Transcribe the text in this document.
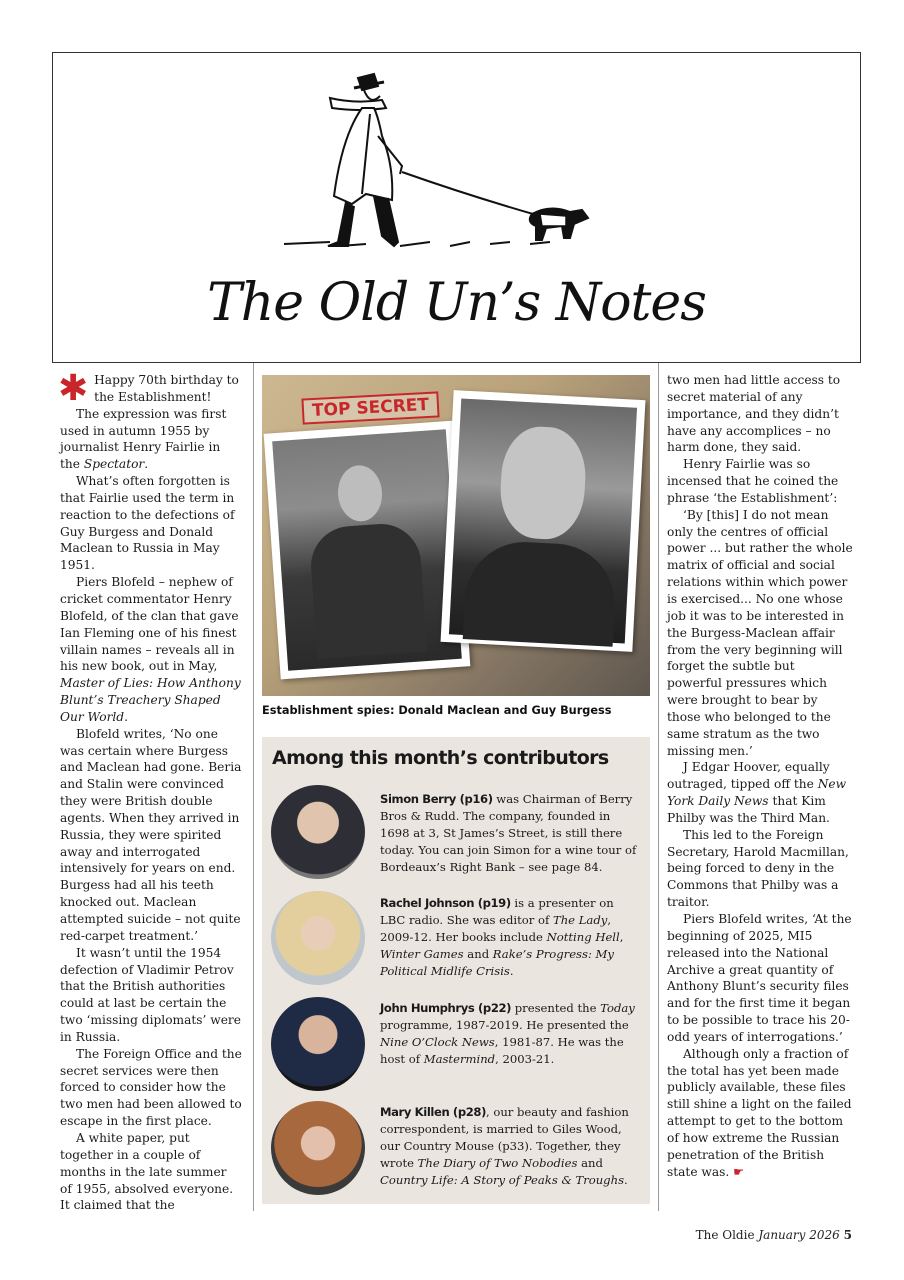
The Old Un’s Notes

✱ Happy 70th birthday to the Establishment!

The expression was first used in autumn 1955 by journalist Henry Fairlie in the Spectator.

What’s often forgotten is that Fairlie used the term in reaction to the defections of Guy Burgess and Donald Maclean to Russia in May 1951.

Piers Blofeld – nephew of cricket commentator Henry Blofeld, of the clan that gave Ian Fleming one of his finest villain names – reveals all in his new book, out in May, Master of Lies: How Anthony Blunt’s Treachery Shaped Our World.

Blofeld writes, ‘No one was certain where Burgess and Maclean had gone. Beria and Stalin were convinced they were British double agents. When they arrived in Russia, they were spirited away and interrogated intensively for years on end. Burgess had all his teeth knocked out. Maclean attempted suicide – not quite red-carpet treatment.’

It wasn’t until the 1954 defection of Vladimir Petrov that the British authorities could at last be certain the two ‘missing diplomats’ were in Russia.

The Foreign Office and the secret services were then forced to consider how the two men had been allowed to escape in the first place.

A white paper, put together in a couple of months in the late summer of 1955, absolved everyone. It claimed that the

TOP SECRET
Establishment spies: Donald Maclean and Guy Burgess
Among this month’s contributors
Simon Berry (p16) was Chairman of Berry Bros & Rudd. The company, founded in 1698 at 3, St James’s Street, is still there today. You can join Simon for a wine tour of Bordeaux’s Right Bank – see page 84.
Rachel Johnson (p19) is a presenter on LBC radio. She was editor of The Lady, 2009-12. Her books include Notting Hell, Winter Games and Rake’s Progress: My Political Midlife Crisis.
John Humphrys (p22) presented the Today programme, 1987-2019. He presented the Nine O’Clock News, 1981-87. He was the host of Mastermind, 2003-21.
Mary Killen (p28), our beauty and fashion correspondent, is married to Giles Wood, our Country Mouse (p33). Together, they wrote The Diary of Two Nobodies and Country Life: A Story of Peaks & Troughs.

two men had little access to secret material of any importance, and they didn’t have any accomplices – no harm done, they said.

Henry Fairlie was so incensed that he coined the phrase ‘the Establishment’:

‘By [this] I do not mean only the centres of official power ... but rather the whole matrix of official and social relations within which power is exercised... No one whose job it was to be interested in the Burgess-Maclean affair from the very beginning will forget the subtle but powerful pressures which were brought to bear by those who belonged to the same stratum as the two missing men.’

J Edgar Hoover, equally outraged, tipped off the New York Daily News that Kim Philby was the Third Man.

This led to the Foreign Secretary, Harold Macmillan, being forced to deny in the Commons that Philby was a traitor.

Piers Blofeld writes, ‘At the beginning of 2025, MI5 released into the National Archive a great quantity of Anthony Blunt’s security files and for the first time it began to be possible to trace his 20-odd years of interrogations.’

Although only a fraction of the total has yet been made publicly available, these files still shine a light on the failed attempt to get to the bottom of how extreme the Russian penetration of the British state was. ☛

The Oldie January 2026 5
